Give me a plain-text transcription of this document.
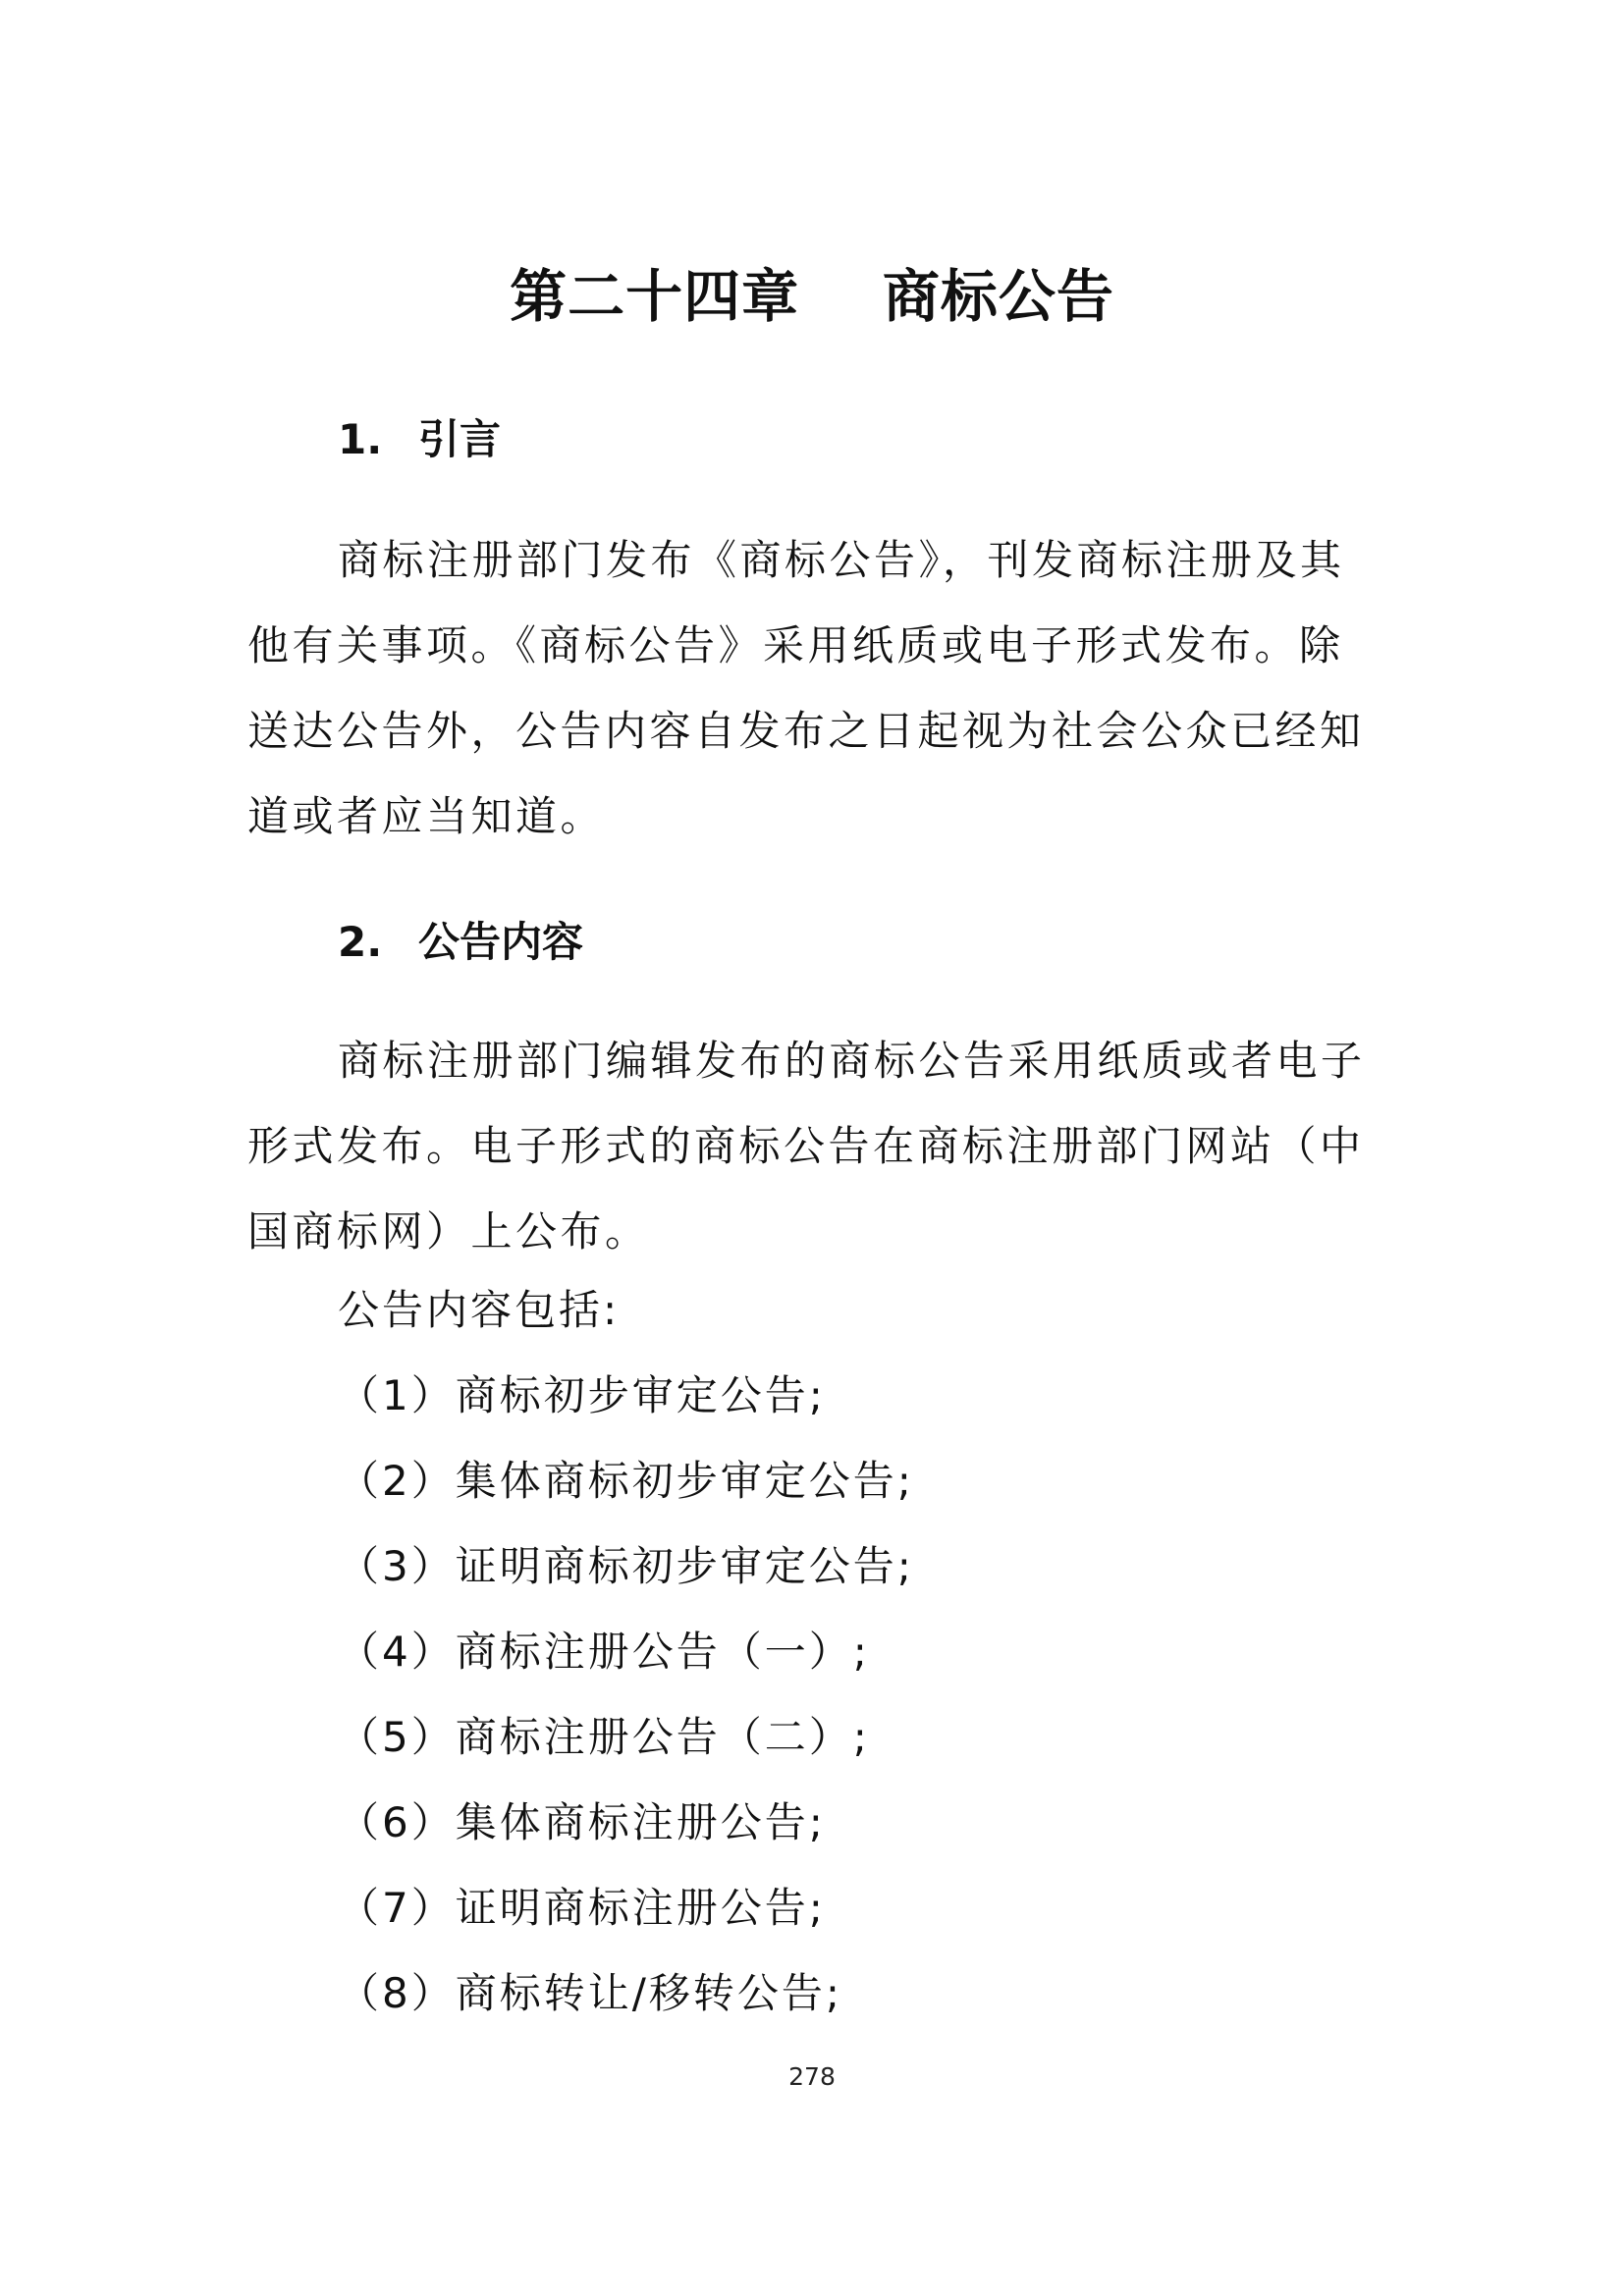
第二十四章    商标公告
1. 引言

商标注册部门发布《商标公告》，刊发商标注册及其他有关事项。《商标公告》采用纸质或电子形式发布。除送达公告外，公告内容自发布之日起视为社会公众已经知道或者应当知道。

2. 公告内容

商标注册部门编辑发布的商标公告采用纸质或者电子形式发布。电子形式的商标公告在商标注册部门网站（中国商标网）上公布。

公告内容包括:
（1）商标初步审定公告;
（2）集体商标初步审定公告;
（3）证明商标初步审定公告;
（4）商标注册公告（一）;
（5）商标注册公告（二）;
（6）集体商标注册公告;
（7）证明商标注册公告;
（8）商标转让/移转公告;
278
